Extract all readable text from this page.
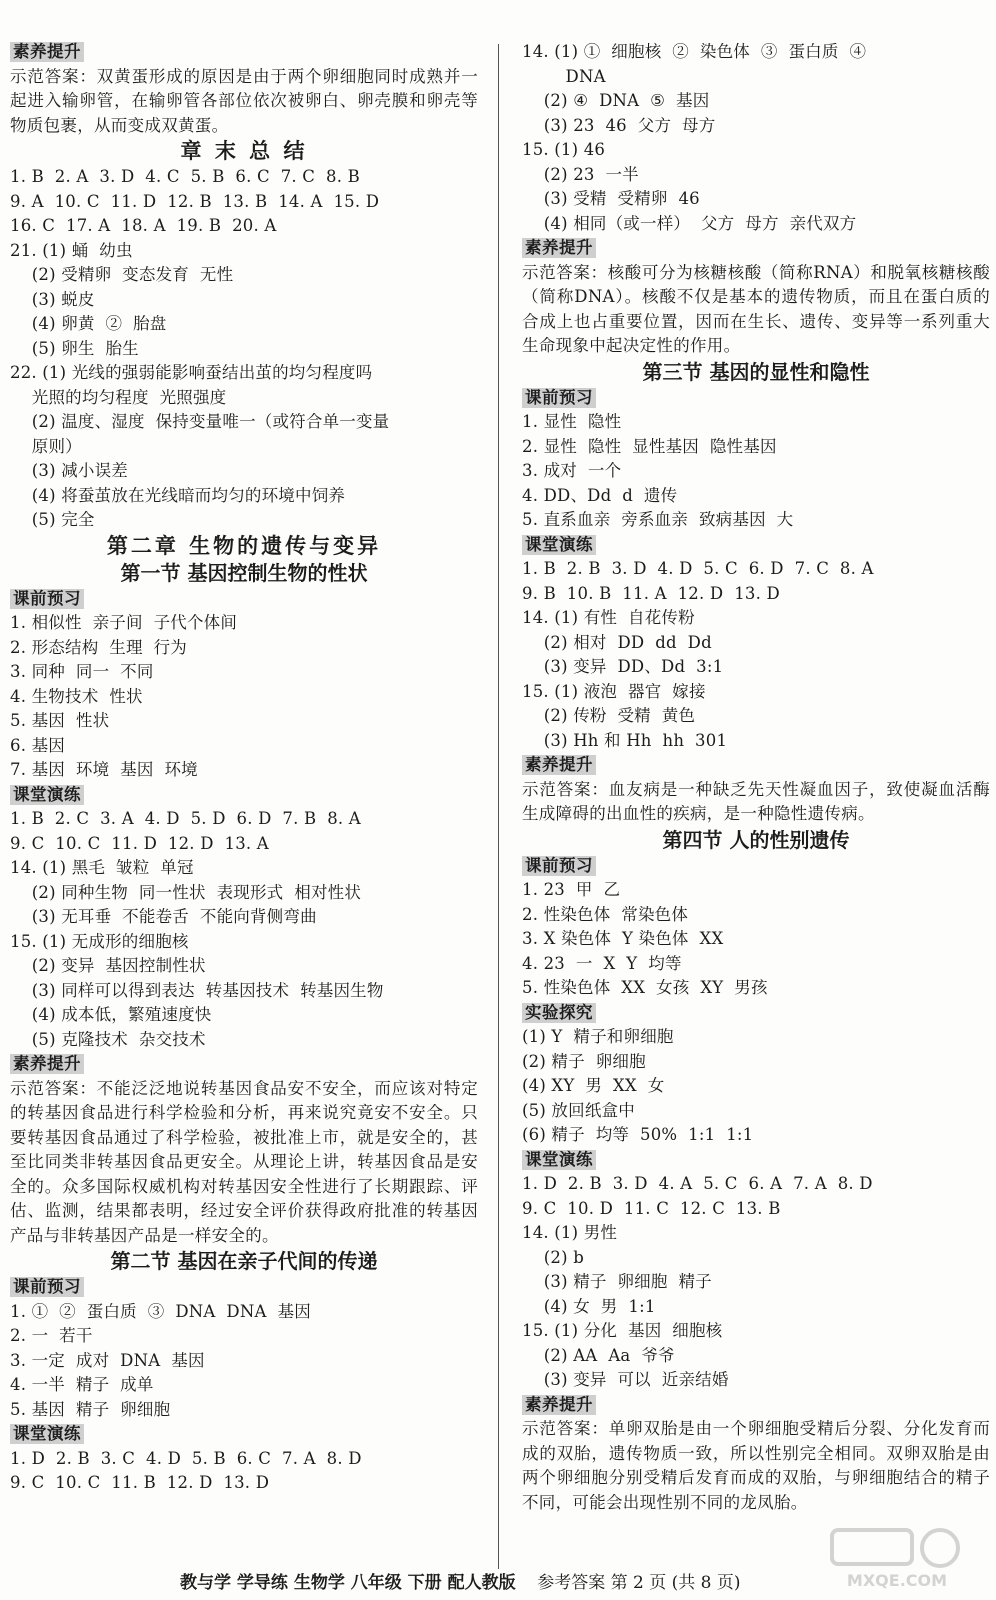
素养提升
示范答案：双黄蛋形成的原因是由于两个卵细胞同时成熟并一起进入输卵管，在输卵管各部位依次被卵白、卵壳膜和卵壳等物质包裹，从而变成双黄蛋。
章 末 总 结
1. B  2. A  3. D  4. C  5. B  6. C  7. C  8. B
9. A  10. C  11. D  12. B  13. B  14. A  15. D
16. C  17. A  18. A  19. B  20. A
21. (1) 蛹  幼虫
(2) 受精卵  变态发育  无性
(3) 蜕皮
(4) 卵黄  ②  胎盘
(5) 卵生  胎生
22. (1) 光线的强弱能影响蚕结出茧的均匀程度吗
光照的均匀程度  光照强度
(2) 温度、湿度  保持变量唯一（或符合单一变量
原则）
(3) 减小误差
(4) 将蚕茧放在光线暗而均匀的环境中饲养
(5) 完全
第二章 生物的遗传与变异
第一节 基因控制生物的性状
课前预习
1. 相似性  亲子间  子代个体间
2. 形态结构  生理  行为
3. 同种  同一  不同
4. 生物技术  性状
5. 基因  性状
6. 基因
7. 基因  环境  基因  环境
课堂演练
1. B  2. C  3. A  4. D  5. D  6. D  7. B  8. A
9. C  10. C  11. D  12. D  13. A
14. (1) 黑毛  皱粒  单冠
(2) 同种生物  同一性状  表现形式  相对性状
(3) 无耳垂  不能卷舌  不能向背侧弯曲
15. (1) 无成形的细胞核
(2) 变异  基因控制性状
(3) 同样可以得到表达  转基因技术  转基因生物
(4) 成本低，繁殖速度快
(5) 克隆技术  杂交技术
素养提升
示范答案：不能泛泛地说转基因食品安不安全，而应该对特定的转基因食品进行科学检验和分析，再来说究竟安不安全。只要转基因食品通过了科学检验，被批准上市，就是安全的，甚至比同类非转基因食品更安全。从理论上讲，转基因食品是安全的。众多国际权威机构对转基因安全性进行了长期跟踪、评估、监测，结果都表明，经过安全评价获得政府批准的转基因产品与非转基因产品是一样安全的。
第二节 基因在亲子代间的传递
课前预习
1. ①  ②  蛋白质  ③  DNA  DNA  基因
2. 一  若干
3. 一定  成对  DNA  基因
4. 一半  精子  成单
5. 基因  精子  卵细胞
课堂演练
1. D  2. B  3. C  4. D  5. B  6. C  7. A  8. D
9. C  10. C  11. B  12. D  13. D
14. (1) ①  细胞核  ②  染色体  ③  蛋白质  ④
DNA
(2) ④  DNA  ⑤  基因
(3) 23  46  父方  母方
15. (1) 46
(2) 23  一半
(3) 受精  受精卵  46
(4) 相同（或一样）  父方  母方  亲代双方
素养提升
示范答案：核酸可分为核糖核酸（简称RNA）和脱氧核糖核酸（简称DNA）。核酸不仅是基本的遗传物质，而且在蛋白质的合成上也占重要位置，因而在生长、遗传、变异等一系列重大生命现象中起决定性的作用。
第三节 基因的显性和隐性
课前预习
1. 显性  隐性
2. 显性  隐性  显性基因  隐性基因
3. 成对  一个
4. DD、Dd  d  遗传
5. 直系血亲  旁系血亲  致病基因  大
课堂演练
1. B  2. B  3. D  4. D  5. C  6. D  7. C  8. A
9. B  10. B  11. A  12. D  13. D
14. (1) 有性  自花传粉
(2) 相对  DD  dd  Dd
(3) 变异  DD、Dd  3:1
15. (1) 液泡  器官  嫁接
(2) 传粉  受精  黄色
(3) Hh 和 Hh  hh  301
素养提升
示范答案：血友病是一种缺乏先天性凝血因子，致使凝血活酶生成障碍的出血性的疾病，是一种隐性遗传病。
第四节 人的性别遗传
课前预习
1. 23  甲  乙
2. 性染色体  常染色体
3. X 染色体  Y 染色体  XX
4. 23  一  X  Y  均等
5. 性染色体  XX  女孩  XY  男孩
实验探究
(1) Y  精子和卵细胞
(2) 精子  卵细胞
(4) XY  男  XX  女
(5) 放回纸盒中
(6) 精子  均等  50%  1:1  1:1
课堂演练
1. D  2. B  3. D  4. A  5. C  6. A  7. A  8. D
9. C  10. D  11. C  12. C  13. B
14. (1) 男性
(2) b
(3) 精子  卵细胞  精子
(4) 女  男  1:1
15. (1) 分化  基因  细胞核
(2) AA  Aa  爷爷
(3) 变异  可以  近亲结婚
素养提升
示范答案：单卵双胎是由一个卵细胞受精后分裂、分化发育而成的双胎，遗传物质一致，所以性别完全相同。双卵双胎是由两个卵细胞分别受精后发育而成的双胎，与卵细胞结合的精子不同，可能会出现性别不同的龙凤胎。
教与学 学导练 生物学 八年级 下册 配人教版 参考答案 第 2 页 (共 8 页)	MXQE.COM
